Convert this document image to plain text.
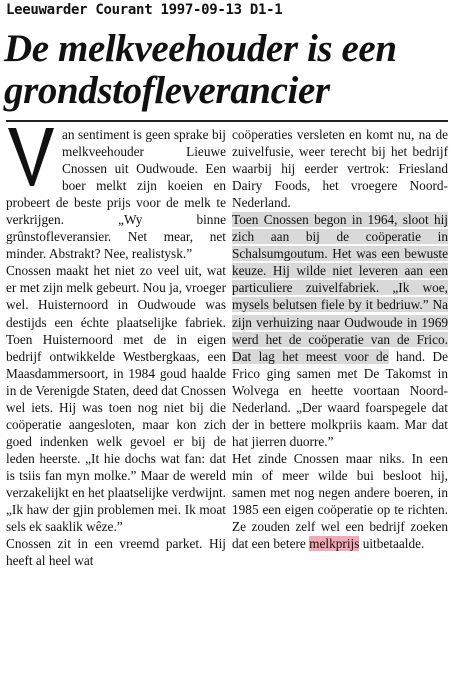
Leeuwarder Courant 1997-09-13 D1-1
De melkveehouder is een grondstofleverancier

an sentiment is geen sprake bij melkveehouder Lieuwe Cnossen uit Oudwoude. Een boer melkt zijn koeien en probeert de beste prijs voor de melk te verkrijgen. „Wy binne grûnstofleveransier. Net mear, net minder. Abstrakt? Nee, realistysk.”

Cnossen maakt het niet zo veel uit, wat er met zijn melk gebeurt. Nou ja, vroeger wel. Huisternoord in Oudwoude was destijds een échte plaatselijke fabriek. Toen Huisternoord met de in eigen bedrijf ontwikkelde Westbergkaas, een Maasdammersoort, in 1984 goud haalde in de Verenigde Staten, deed dat Cnossen wel iets. Hij was toen nog niet bij die coöperatie aangesloten, maar kon zich goed indenken welk gevoel er bij de leden heerste. „It hie dochs wat fan: dat is tsiis fan myn molke.” Maar de wereld verzakelijkt en het plaatselijke verdwijnt. „Ik haw der gjin problemen mei. Ik moat sels ek saaklik wêze.”

Cnossen zit in een vreemd parket. Hij heeft al heel wat

coöperaties versleten en komt nu, na de zuivelfusie, weer terecht bij het bedrijf waarbij hij eerder vertrok: Friesland Dairy Foods, het vroegere Noord-Nederland.

Toen Cnossen begon in 1964, sloot hij zich aan bij de coöperatie in Schalsumgoutum. Het was een bewuste keuze. Hij wilde niet leveren aan een particuliere zuivelfabriek. „Ik woe, mysels belutsen fiele by it bedriuw.” Na zijn verhuizing naar Oudwoude in 1969 werd het de coöperatie van de Frico. Dat lag het meest voor de hand. De Frico ging samen met De Takomst in Wolvega en heette voortaan Noord-Nederland. „Der waard foarspegele dat der in bettere molkpriis kaam. Mar dat hat jierren duorre.”

Het zinde Cnossen maar niks. In een min of meer wilde bui besloot hij, samen met nog negen andere boeren, in 1985 een eigen coöperatie op te richten. Ze zouden zelf wel een bedrijf zoeken dat een betere melkprijs uitbetaalde.
